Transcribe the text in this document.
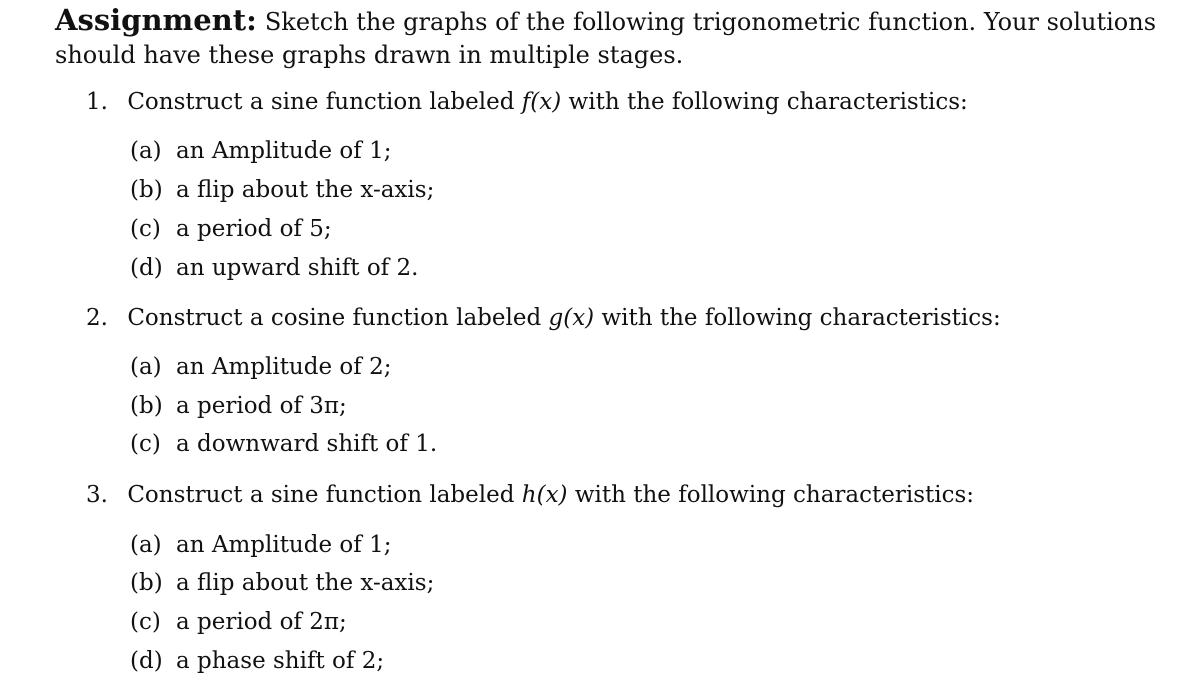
Assignment: Sketch the graphs of the following trigonometric function. Your solutions should have these graphs drawn in multiple stages.
1. Construct a sine function labeled f(x) with the following characteristics:
(a) an Amplitude of 1;
(b) a flip about the x-axis;
(c) a period of 5;
(d) an upward shift of 2.
2. Construct a cosine function labeled g(x) with the following characteristics:
(a) an Amplitude of 2;
(b) a period of 3π;
(c) a downward shift of 1.
3. Construct a sine function labeled h(x) with the following characteristics:
(a) an Amplitude of 1;
(b) a flip about the x-axis;
(c) a period of 2π;
(d) a phase shift of 2;
